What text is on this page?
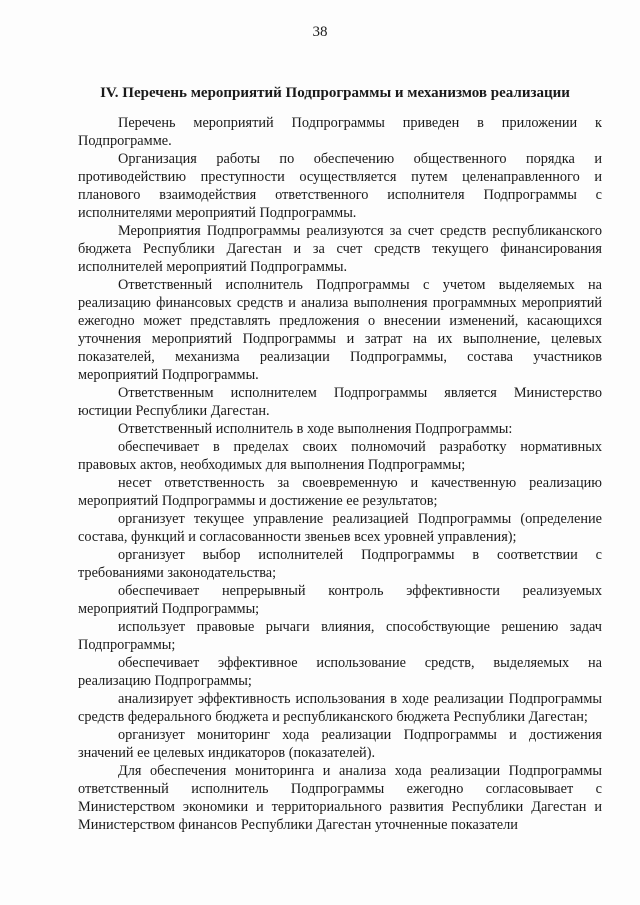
38
IV. Перечень мероприятий Подпрограммы и механизмов реализации

Перечень мероприятий Подпрограммы приведен в приложении к Подпрограмме.

Организация работы по обеспечению общественного порядка и противодействию преступности осуществляется путем целенаправленного и планового взаимодействия ответственного исполнителя Подпрограммы с исполнителями мероприятий Подпрограммы.

Мероприятия Подпрограммы реализуются за счет средств республиканского бюджета Республики Дагестан и за счет средств текущего финансирования исполнителей мероприятий Подпрограммы.

Ответственный исполнитель Подпрограммы с учетом выделяемых на реализацию финансовых средств и анализа выполнения программных мероприятий ежегодно может представлять предложения о внесении изменений, касающихся уточнения мероприятий Подпрограммы и затрат на их выполнение, целевых показателей, механизма реализации Подпрограммы, состава участников мероприятий Подпрограммы.

Ответственным исполнителем Подпрограммы является Министерство юстиции Республики Дагестан.

Ответственный исполнитель в ходе выполнения Подпрограммы:

обеспечивает в пределах своих полномочий разработку нормативных правовых актов, необходимых для выполнения Подпрограммы;

несет ответственность за своевременную и качественную реализацию мероприятий Подпрограммы и достижение ее результатов;

организует текущее управление реализацией Подпрограммы (определение состава, функций и согласованности звеньев всех уровней управления);

организует выбор исполнителей Подпрограммы в соответствии с требованиями законодательства;

обеспечивает непрерывный контроль эффективности реализуемых мероприятий Подпрограммы;

использует правовые рычаги влияния, способствующие решению задач Подпрограммы;

обеспечивает эффективное использование средств, выделяемых на реализацию Подпрограммы;

анализирует эффективность использования в ходе реализации Подпрограммы средств федерального бюджета и республиканского бюджета Республики Дагестан;

организует мониторинг хода реализации Подпрограммы и достижения значений ее целевых индикаторов (показателей).

Для обеспечения мониторинга и анализа хода реализации Подпрограммы ответственный исполнитель Подпрограммы ежегодно согласовывает с Министерством экономики и территориального развития Республики Дагестан и Министерством финансов Республики Дагестан уточненные показатели
